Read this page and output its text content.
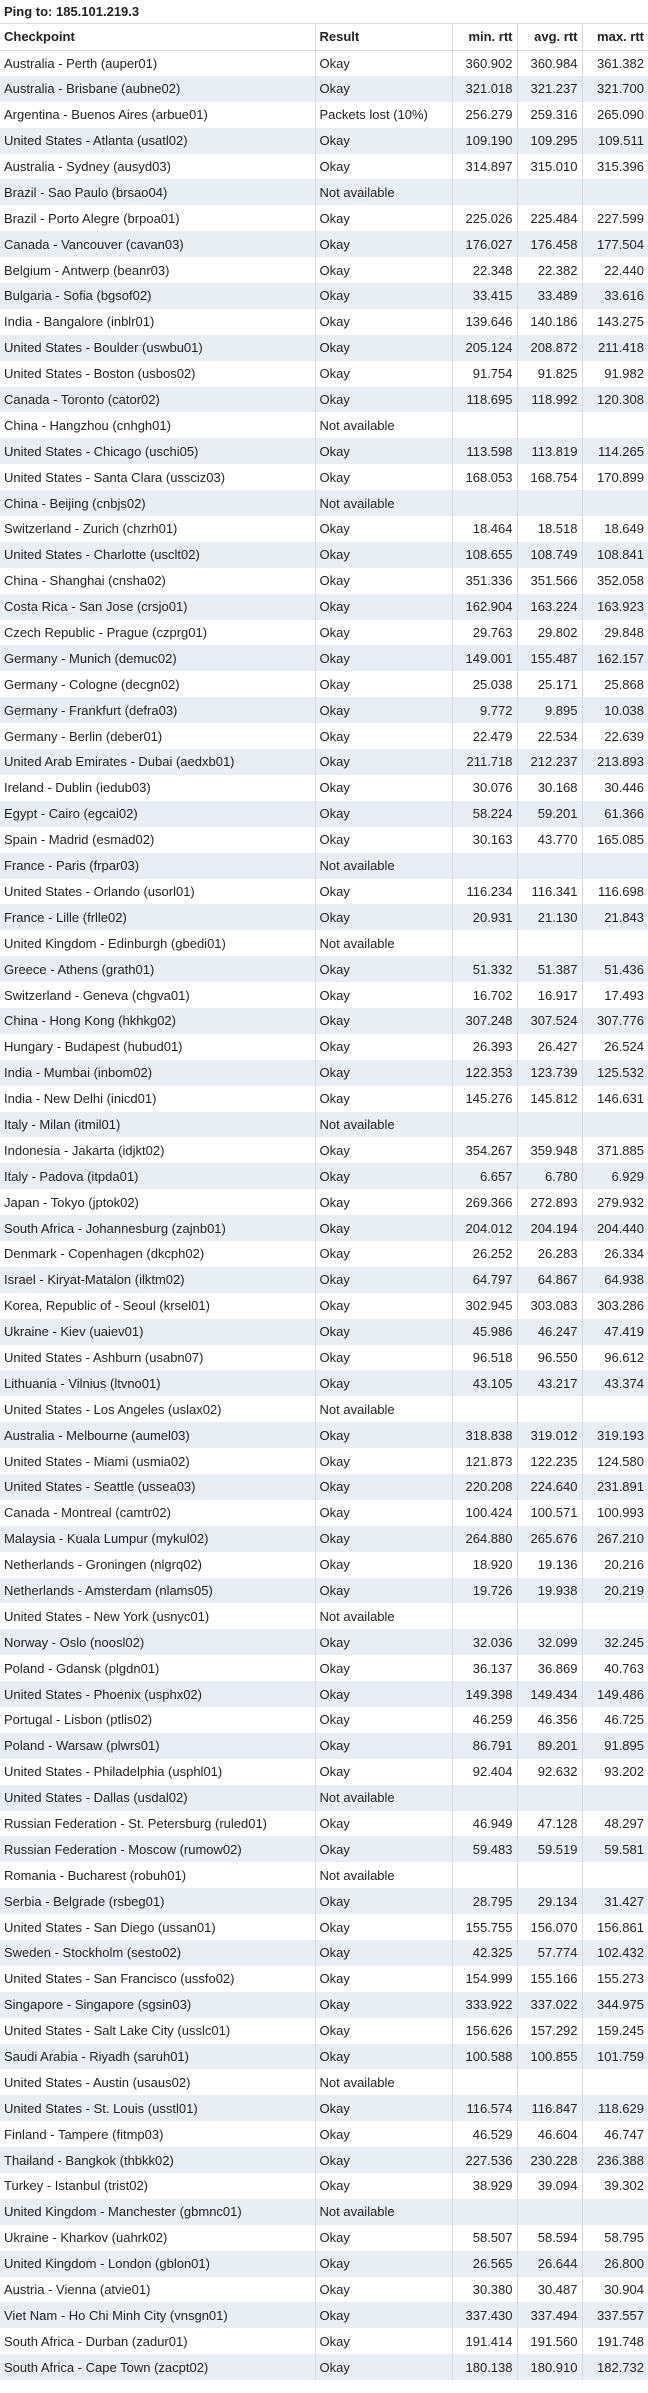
Ping to: 185.101.219.3
Checkpoint	Result	min. rtt	avg. rtt	max. rtt
Australia - Perth (auper01)	Okay	360.902	360.984	361.382
Australia - Brisbane (aubne02)	Okay	321.018	321.237	321.700
Argentina - Buenos Aires (arbue01)	Packets lost (10%)	256.279	259.316	265.090
United States - Atlanta (usatl02)	Okay	109.190	109.295	109.511
Australia - Sydney (ausyd03)	Okay	314.897	315.010	315.396
Brazil - Sao Paulo (brsao04)	Not available			
Brazil - Porto Alegre (brpoa01)	Okay	225.026	225.484	227.599
Canada - Vancouver (cavan03)	Okay	176.027	176.458	177.504
Belgium - Antwerp (beanr03)	Okay	22.348	22.382	22.440
Bulgaria - Sofia (bgsof02)	Okay	33.415	33.489	33.616
India - Bangalore (inblr01)	Okay	139.646	140.186	143.275
United States - Boulder (uswbu01)	Okay	205.124	208.872	211.418
United States - Boston (usbos02)	Okay	91.754	91.825	91.982
Canada - Toronto (cator02)	Okay	118.695	118.992	120.308
China - Hangzhou (cnhgh01)	Not available			
United States - Chicago (uschi05)	Okay	113.598	113.819	114.265
United States - Santa Clara (ussciz03)	Okay	168.053	168.754	170.899
China - Beijing (cnbjs02)	Not available			
Switzerland - Zurich (chzrh01)	Okay	18.464	18.518	18.649
United States - Charlotte (usclt02)	Okay	108.655	108.749	108.841
China - Shanghai (cnsha02)	Okay	351.336	351.566	352.058
Costa Rica - San Jose (crsjo01)	Okay	162.904	163.224	163.923
Czech Republic - Prague (czprg01)	Okay	29.763	29.802	29.848
Germany - Munich (demuc02)	Okay	149.001	155.487	162.157
Germany - Cologne (decgn02)	Okay	25.038	25.171	25.868
Germany - Frankfurt (defra03)	Okay	9.772	9.895	10.038
Germany - Berlin (deber01)	Okay	22.479	22.534	22.639
United Arab Emirates - Dubai (aedxb01)	Okay	211.718	212.237	213.893
Ireland - Dublin (iedub03)	Okay	30.076	30.168	30.446
Egypt - Cairo (egcai02)	Okay	58.224	59.201	61.366
Spain - Madrid (esmad02)	Okay	30.163	43.770	165.085
France - Paris (frpar03)	Not available			
United States - Orlando (usorl01)	Okay	116.234	116.341	116.698
France - Lille (frlle02)	Okay	20.931	21.130	21.843
United Kingdom - Edinburgh (gbedi01)	Not available			
Greece - Athens (grath01)	Okay	51.332	51.387	51.436
Switzerland - Geneva (chgva01)	Okay	16.702	16.917	17.493
China - Hong Kong (hkhkg02)	Okay	307.248	307.524	307.776
Hungary - Budapest (hubud01)	Okay	26.393	26.427	26.524
India - Mumbai (inbom02)	Okay	122.353	123.739	125.532
India - New Delhi (inicd01)	Okay	145.276	145.812	146.631
Italy - Milan (itmil01)	Not available			
Indonesia - Jakarta (idjkt02)	Okay	354.267	359.948	371.885
Italy - Padova (itpda01)	Okay	6.657	6.780	6.929
Japan - Tokyo (jptok02)	Okay	269.366	272.893	279.932
South Africa - Johannesburg (zajnb01)	Okay	204.012	204.194	204.440
Denmark - Copenhagen (dkcph02)	Okay	26.252	26.283	26.334
Israel - Kiryat-Matalon (ilktm02)	Okay	64.797	64.867	64.938
Korea, Republic of - Seoul (krsel01)	Okay	302.945	303.083	303.286
Ukraine - Kiev (uaiev01)	Okay	45.986	46.247	47.419
United States - Ashburn (usabn07)	Okay	96.518	96.550	96.612
Lithuania - Vilnius (ltvno01)	Okay	43.105	43.217	43.374
United States - Los Angeles (uslax02)	Not available			
Australia - Melbourne (aumel03)	Okay	318.838	319.012	319.193
United States - Miami (usmia02)	Okay	121.873	122.235	124.580
United States - Seattle (ussea03)	Okay	220.208	224.640	231.891
Canada - Montreal (camtr02)	Okay	100.424	100.571	100.993
Malaysia - Kuala Lumpur (mykul02)	Okay	264.880	265.676	267.210
Netherlands - Groningen (nlgrq02)	Okay	18.920	19.136	20.216
Netherlands - Amsterdam (nlams05)	Okay	19.726	19.938	20.219
United States - New York (usnyc01)	Not available			
Norway - Oslo (noosl02)	Okay	32.036	32.099	32.245
Poland - Gdansk (plgdn01)	Okay	36.137	36.869	40.763
United States - Phoenix (usphx02)	Okay	149.398	149.434	149.486
Portugal - Lisbon (ptlis02)	Okay	46.259	46.356	46.725
Poland - Warsaw (plwrs01)	Okay	86.791	89.201	91.895
United States - Philadelphia (usphl01)	Okay	92.404	92.632	93.202
United States - Dallas (usdal02)	Not available			
Russian Federation - St. Petersburg (ruled01)	Okay	46.949	47.128	48.297
Russian Federation - Moscow (rumow02)	Okay	59.483	59.519	59.581
Romania - Bucharest (robuh01)	Not available			
Serbia - Belgrade (rsbeg01)	Okay	28.795	29.134	31.427
United States - San Diego (ussan01)	Okay	155.755	156.070	156.861
Sweden - Stockholm (sesto02)	Okay	42.325	57.774	102.432
United States - San Francisco (ussfo02)	Okay	154.999	155.166	155.273
Singapore - Singapore (sgsin03)	Okay	333.922	337.022	344.975
United States - Salt Lake City (usslc01)	Okay	156.626	157.292	159.245
Saudi Arabia - Riyadh (saruh01)	Okay	100.588	100.855	101.759
United States - Austin (usaus02)	Not available			
United States - St. Louis (usstl01)	Okay	116.574	116.847	118.629
Finland - Tampere (fitmp03)	Okay	46.529	46.604	46.747
Thailand - Bangkok (thbkk02)	Okay	227.536	230.228	236.388
Turkey - Istanbul (trist02)	Okay	38.929	39.094	39.302
United Kingdom - Manchester (gbmnc01)	Not available			
Ukraine - Kharkov (uahrk02)	Okay	58.507	58.594	58.795
United Kingdom - London (gblon01)	Okay	26.565	26.644	26.800
Austria - Vienna (atvie01)	Okay	30.380	30.487	30.904
Viet Nam - Ho Chi Minh City (vnsgn01)	Okay	337.430	337.494	337.557
South Africa - Durban (zadur01)	Okay	191.414	191.560	191.748
South Africa - Cape Town (zacpt02)	Okay	180.138	180.910	182.732
